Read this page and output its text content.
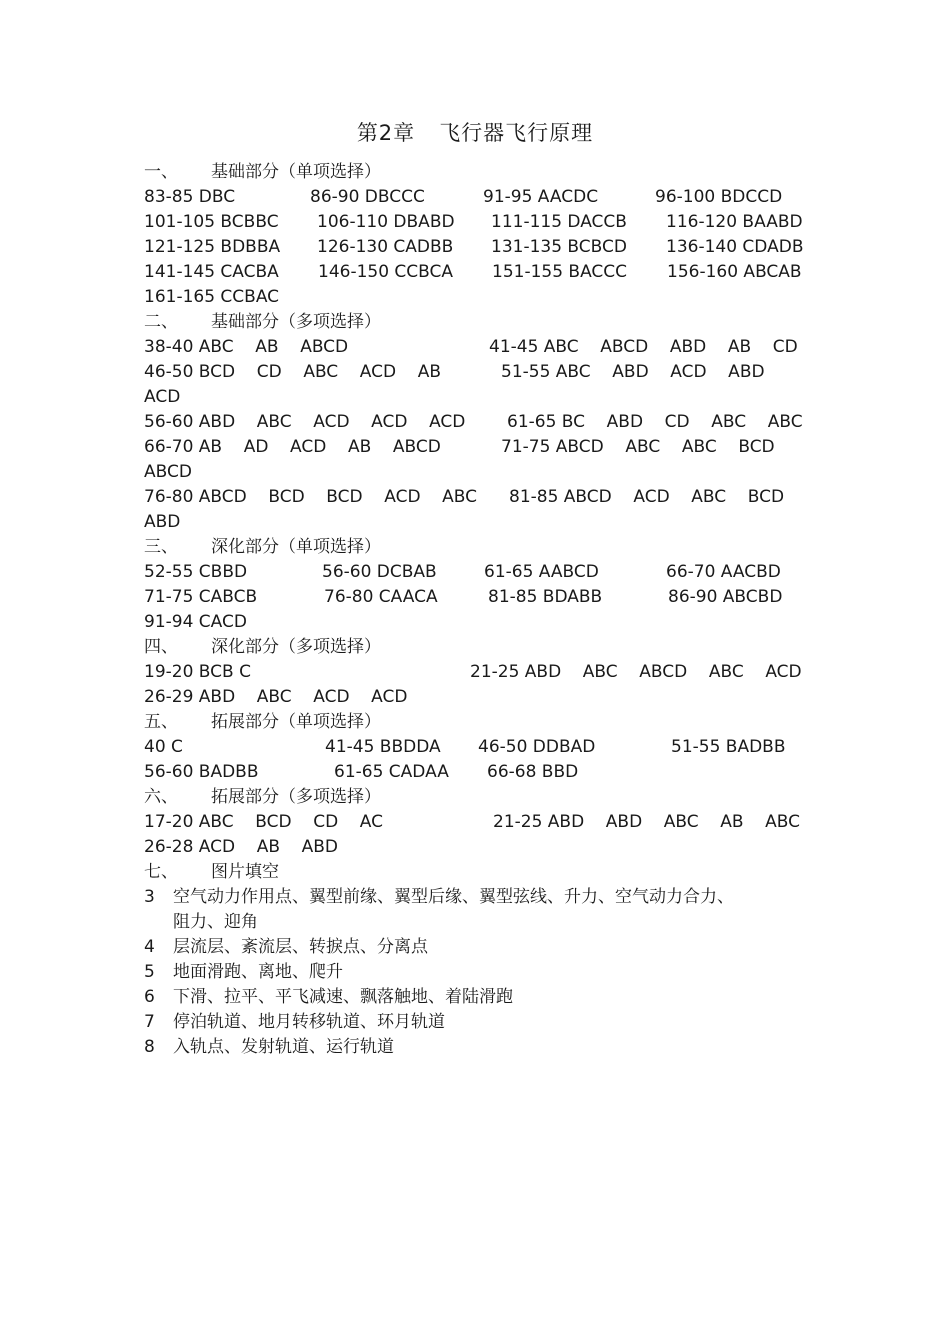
第2章 飞行器飞行原理
一、 基础部分（单项选择）
83-85 DBC	86-90 DBCCC	91-95 AACDC	96-100 BDCCD
101-105 BCBBC 106-110 DBABD 111-115 DACCB 116-120 BAABD
121-125 BDBBA 126-130 CADBB 131-135 BCBCD 136-140 CDADB
141-145 CACBA 146-150 CCBCA 151-155 BACCC 156-160 ABCAB
161-165 CCBAC
二、 基础部分（多项选择）
38-40 ABC    AB    ABCD	41-45 ABC    ABCD    ABD    AB    CD
46-50 BCD    CD    ABC    ACD    AB	51-55 ABC    ABD    ACD    ABD
ACD
56-60 ABD    ABC    ACD    ACD    ACD 61-65 BC    ABD    CD    ABC    ABC
66-70 AB    AD    ACD    AB    ABCD	71-75 ABCD    ABC    ABC    BCD
ABCD
76-80 ABCD    BCD    BCD    ACD    ABC 81-85 ABCD    ACD    ABC    BCD
ABD
三、 深化部分（单项选择）
52-55 CBBD	56-60 DCBAB	61-65 AABCD	66-70 AACBD
71-75 CABCB	76-80 CAACA	81-85 BDABB	86-90 ABCBD
91-94 CACD
四、 深化部分（多项选择）
19-20 BCB C	21-25 ABD    ABC    ABCD    ABC    ACD
26-29 ABD    ABC    ACD    ACD
五、 拓展部分（单项选择）
40 C	41-45 BBDDA 46-50 DDBAD	51-55 BADBB
56-60 BADBB	61-65 CADAA 66-68 BBD
六、 拓展部分（多项选择）
17-20 ABC    BCD    CD    AC	21-25 ABD    ABD    ABC    AB    ABC
26-28 ACD    AB    ABD
七、 图片填空
3 空气动力作用点、翼型前缘、翼型后缘、翼型弦线、升力、空气动力合力、
阻力、迎角
4 层流层、紊流层、转捩点、分离点
5 地面滑跑、离地、爬升
6 下滑、拉平、平飞减速、飘落触地、着陆滑跑
7 停泊轨道、地月转移轨道、环月轨道
8 入轨点、发射轨道、运行轨道
